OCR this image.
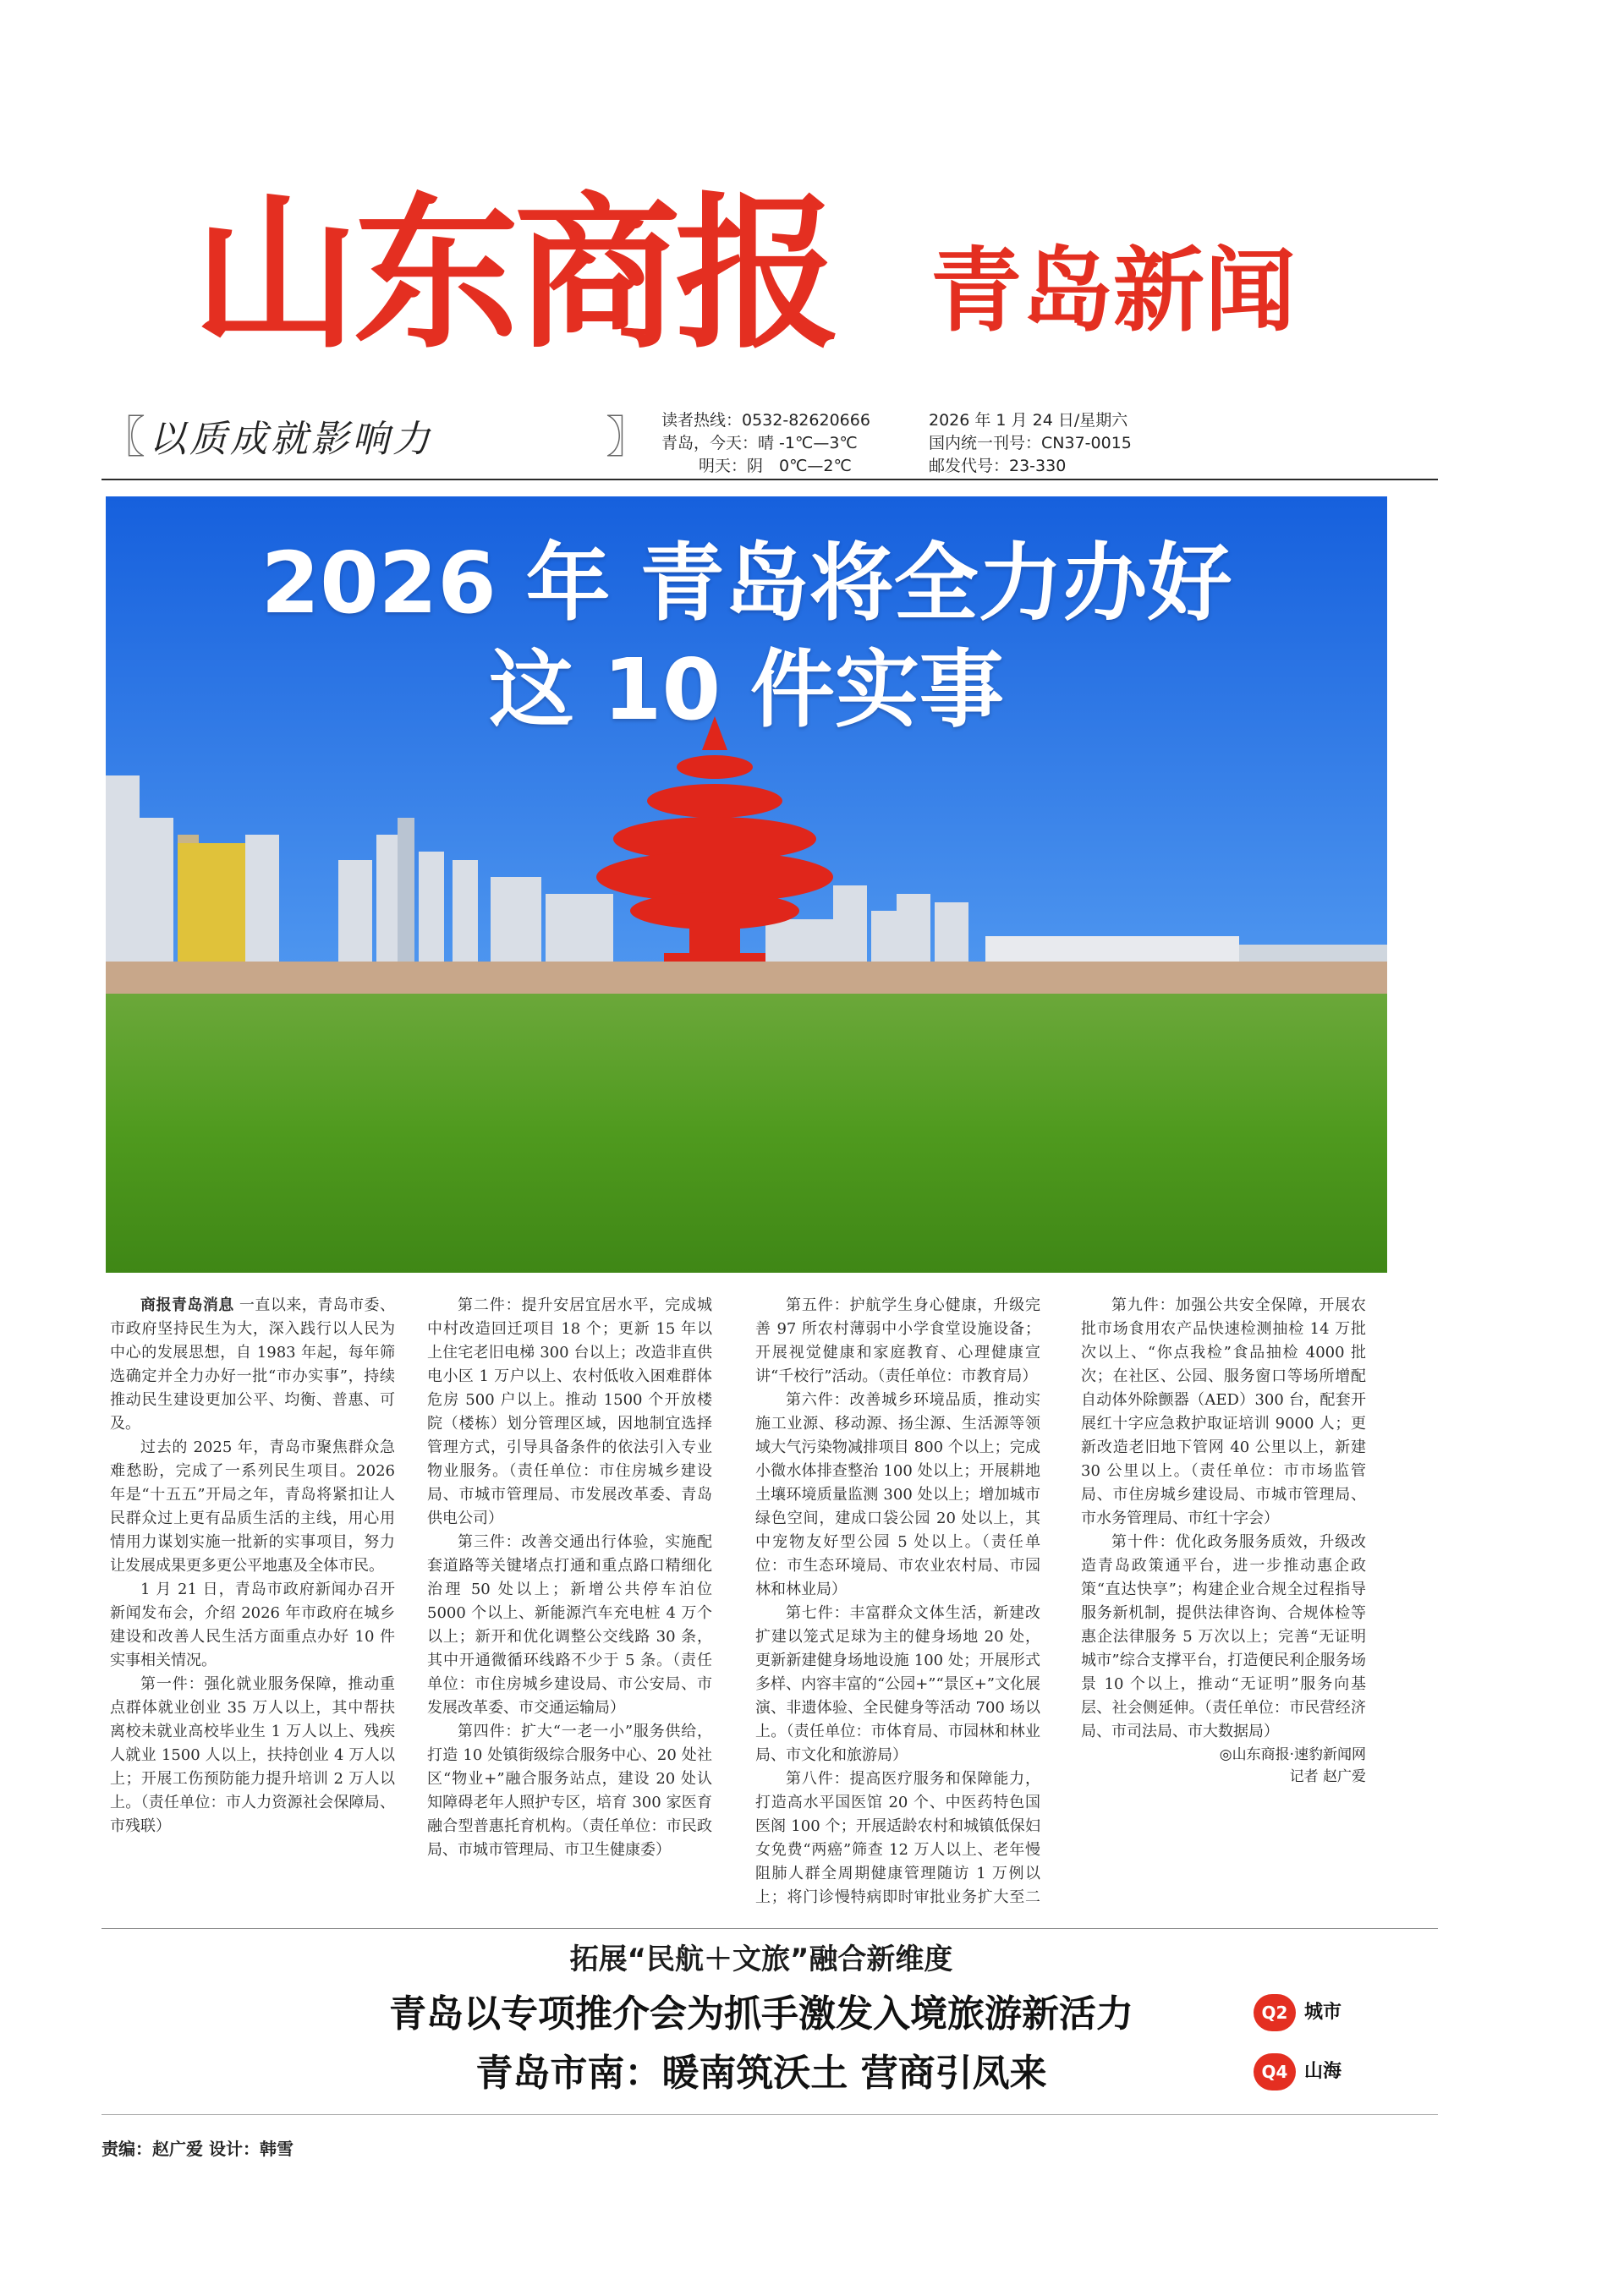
山东商报	青岛新闻
〖 以质成就影响力	〗 读者热线：0532-82620666
青岛，今天：晴 -1℃—3℃
明天：阴　0℃—2℃
2026 年 1 月 24 日/星期六
国内统一刊号：CN37-0015
邮发代号：23-330
2026 年 青岛将全力办好
这 10 件实事

商报青岛消息 一直以来，青岛市委、市政府坚持民生为大，深入践行以人民为中心的发展思想，自 1983 年起，每年筛选确定并全力办好一批“市办实事”，持续推动民生建设更加公平、均衡、普惠、可及。

过去的 2025 年，青岛市聚焦群众急难愁盼，完成了一系列民生项目。2026 年是“十五五”开局之年，青岛将紧扣让人民群众过上更有品质生活的主线，用心用情用力谋划实施一批新的实事项目，努力让发展成果更多更公平地惠及全体市民。

1 月 21 日，青岛市政府新闻办召开新闻发布会，介绍 2026 年市政府在城乡建设和改善人民生活方面重点办好 10 件实事相关情况。

第一件：强化就业服务保障，推动重点群体就业创业 35 万人以上，其中帮扶离校未就业高校毕业生 1 万人以上、残疾人就业 1500 人以上，扶持创业 4 万人以上；开展工伤预防能力提升培训 2 万人以上。（责任单位：市人力资源社会保障局、市残联）

第二件：提升安居宜居水平，完成城中村改造回迁项目 18 个；更新 15 年以上住宅老旧电梯 300 台以上；改造非直供电小区 1 万户以上、农村低收入困难群体危房 500 户以上。推动 1500 个开放楼院（楼栋）划分管理区域，因地制宜选择管理方式，引导具备条件的依法引入专业物业服务。（责任单位：市住房城乡建设局、市城市管理局、市发展改革委、青岛供电公司）

第三件：改善交通出行体验，实施配套道路等关键堵点打通和重点路口精细化治理 50 处以上；新增公共停车泊位 5000 个以上、新能源汽车充电桩 4 万个以上；新开和优化调整公交线路 30 条，其中开通微循环线路不少于 5 条。（责任单位：市住房城乡建设局、市公安局、市发展改革委、市交通运输局）

第四件：扩大“一老一小”服务供给，打造 10 处镇街级综合服务中心、20 处社区“物业+”融合服务站点，建设 20 处认知障碍老年人照护专区，培育 300 家医育融合型普惠托育机构。（责任单位：市民政局、市城市管理局、市卫生健康委）

第五件：护航学生身心健康，升级完善 97 所农村薄弱中小学食堂设施设备；开展视觉健康和家庭教育、心理健康宣讲“千校行”活动。（责任单位：市教育局）

第六件：改善城乡环境品质，推动实施工业源、移动源、扬尘源、生活源等领域大气污染物减排项目 800 个以上；完成小微水体排查整治 100 处以上；开展耕地土壤环境质量监测 300 处以上；增加城市绿色空间，建成口袋公园 20 处以上，其中宠物友好型公园 5 处以上。（责任单位：市生态环境局、市农业农村局、市园林和林业局）

第七件：丰富群众文体生活，新建改扩建以笼式足球为主的健身场地 20 处，更新新建健身场地设施 100 处；开展形式多样、内容丰富的“公园+”“景区+”文化展演、非遗体验、全民健身等活动 700 场以上。（责任单位：市体育局、市园林和林业局、市文化和旅游局）

第八件：提高医疗服务和保障能力，打造高水平国医馆 20 个、中医药特色国医阁 100 个；开展适龄农村和城镇低保妇女免费“两癌”筛查 12 万人以上、老年慢阻肺人群全周期健康管理随访 1 万例以上；将门诊慢特病即时审批业务扩大至二

第九件：加强公共安全保障，开展农批市场食用农产品快速检测抽检 14 万批次以上、“你点我检”食品抽检 4000 批次；在社区、公园、服务窗口等场所增配自动体外除颤器（AED）300 台，配套开展红十字应急救护取证培训 9000 人；更新改造老旧地下管网 40 公里以上，新建 30 公里以上。（责任单位：市市场监管局、市住房城乡建设局、市城市管理局、市水务管理局、市红十字会）

第十件：优化政务服务质效，升级改造青岛政策通平台，进一步推动惠企政策“直达快享”；构建企业合规全过程指导服务新机制，提供法律咨询、合规体检等惠企法律服务 5 万次以上；完善“无证明城市”综合支撑平台，打造便民利企服务场景 10 个以上，推动“无证明”服务向基层、社会侧延伸。（责任单位：市民营经济局、市司法局、市大数据局）

◎山东商报·速豹新闻网
记者 赵广爱
拓展“民航＋文旅”融合新维度
青岛以专项推介会为抓手激发入境旅游新活力
青岛市南：暖南筑沃土 营商引凤来
Q2 城市
Q4 山海
责编：赵广爱 设计：韩雪
